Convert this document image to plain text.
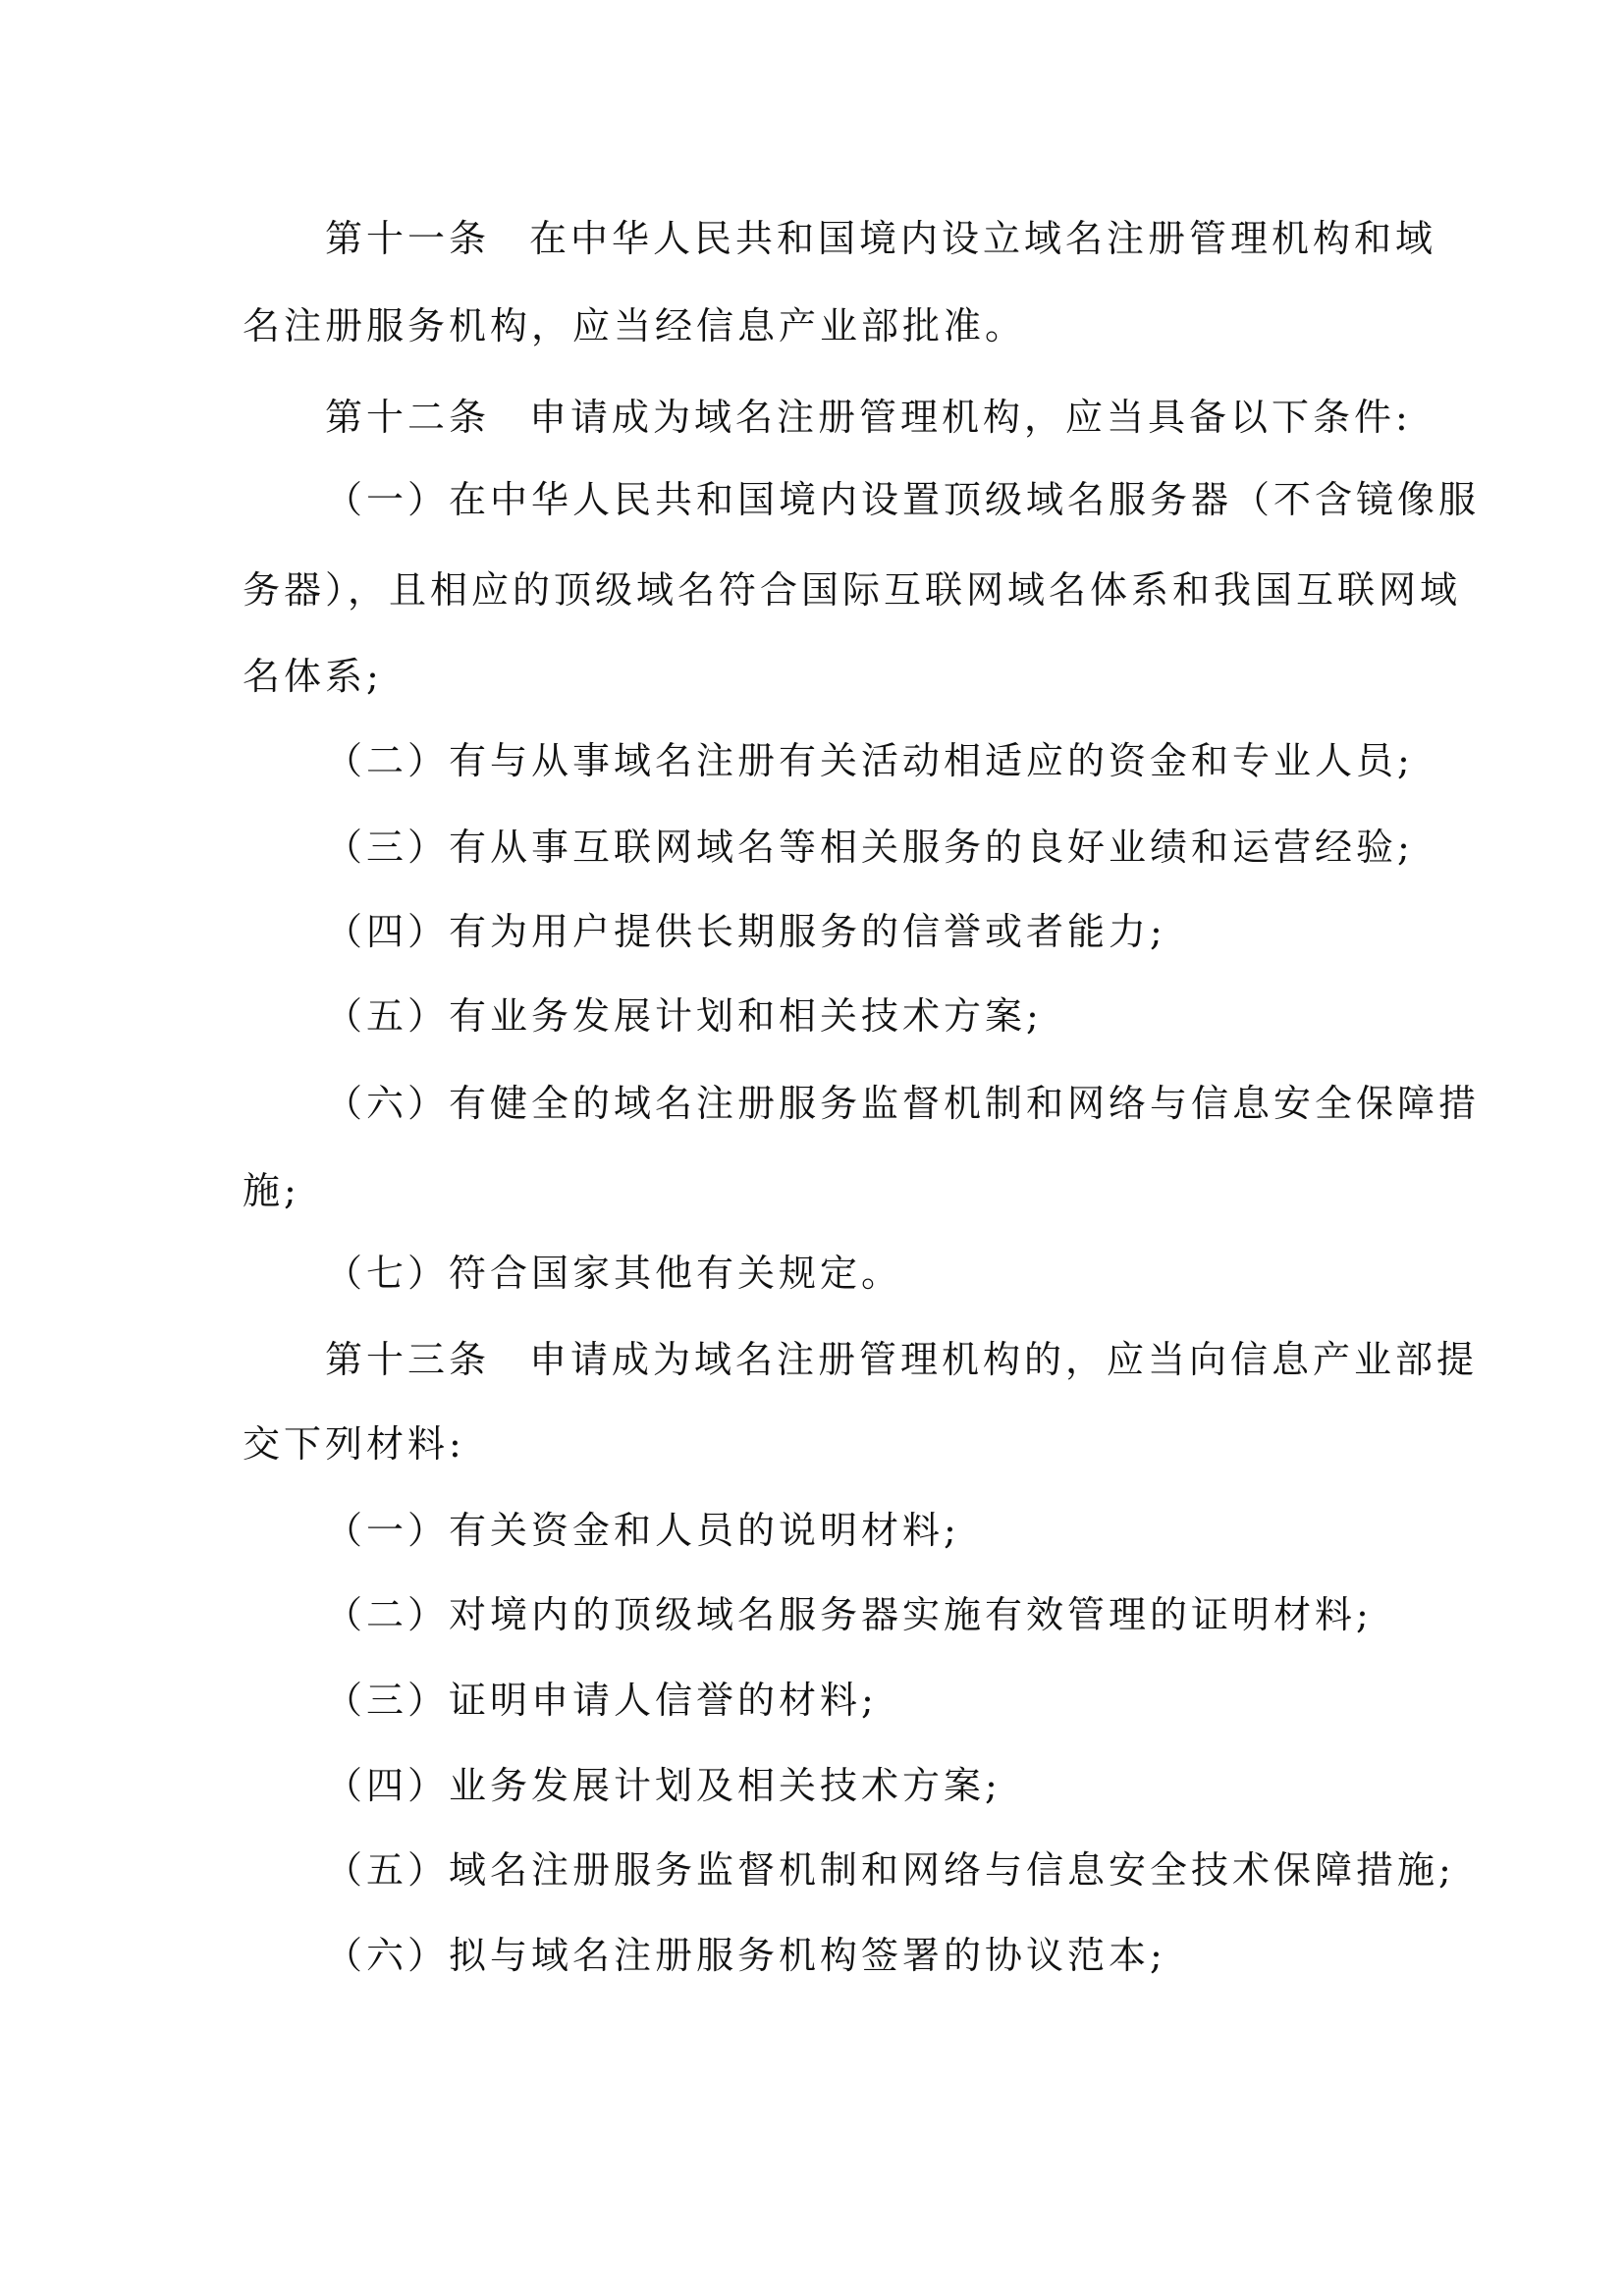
第十一条 在中华人民共和国境内设立域名注册管理机构和域
名注册服务机构，应当经信息产业部批准。
第十二条 申请成为域名注册管理机构，应当具备以下条件:
（一）在中华人民共和国境内设置顶级域名服务器（不含镜像服
务器），且相应的顶级域名符合国际互联网域名体系和我国互联网域
名体系;
（二）有与从事域名注册有关活动相适应的资金和专业人员;
（三）有从事互联网域名等相关服务的良好业绩和运营经验;
（四）有为用户提供长期服务的信誉或者能力;
（五）有业务发展计划和相关技术方案;
（六）有健全的域名注册服务监督机制和网络与信息安全保障措
施;
（七）符合国家其他有关规定。
第十三条 申请成为域名注册管理机构的，应当向信息产业部提
交下列材料:
（一）有关资金和人员的说明材料;
（二）对境内的顶级域名服务器实施有效管理的证明材料;
（三）证明申请人信誉的材料;
（四）业务发展计划及相关技术方案;
（五）域名注册服务监督机制和网络与信息安全技术保障措施;
（六）拟与域名注册服务机构签署的协议范本;
